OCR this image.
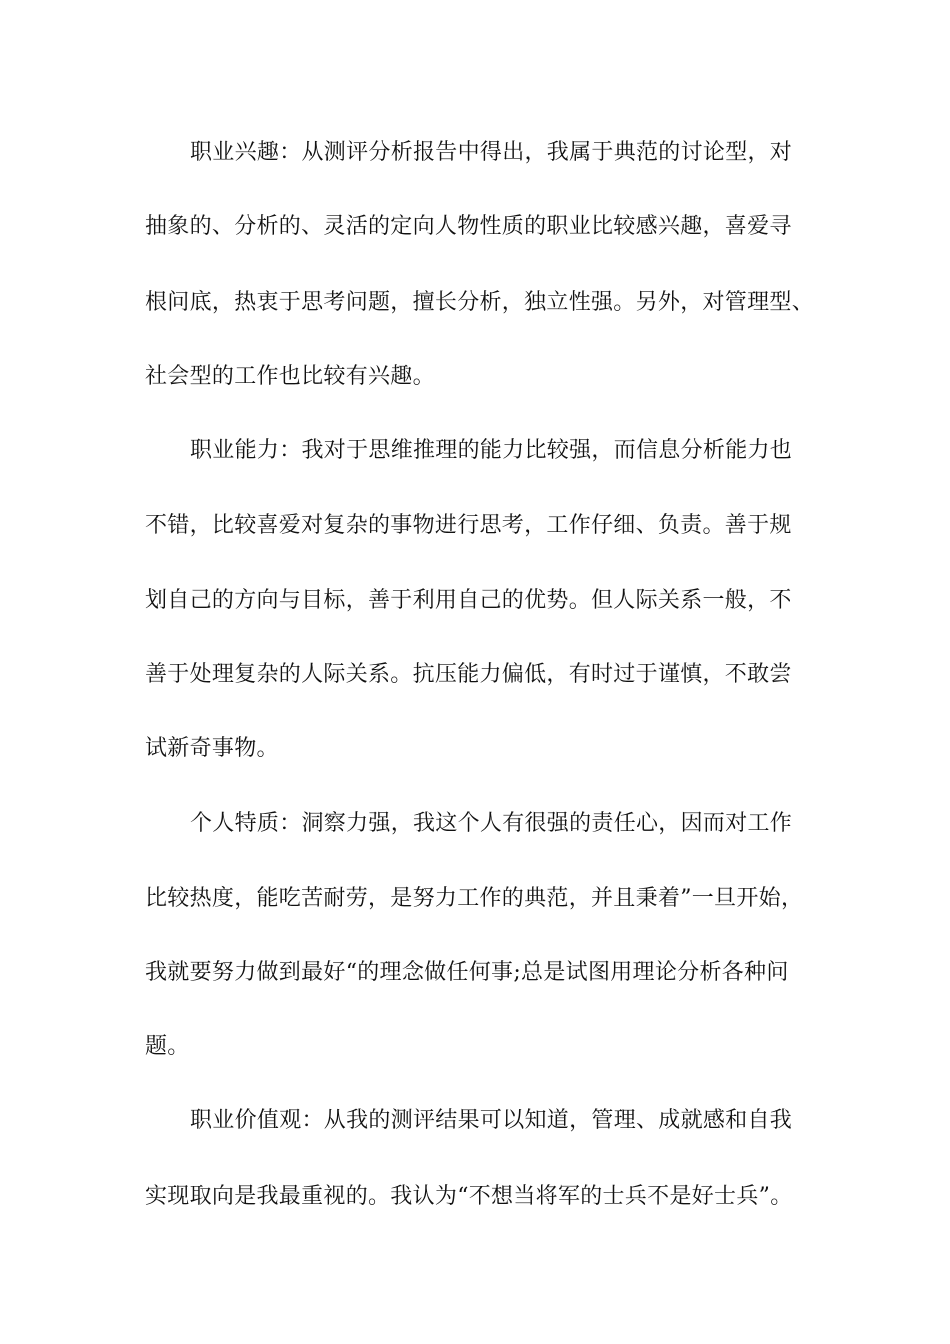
职业兴趣：从测评分析报告中得出，我属于典范的讨论型，对
抽象的、分析的、灵活的定向人物性质的职业比较感兴趣，喜爱寻
根问底，热衷于思考问题，擅长分析，独立性强。另外，对管理型、
社会型的工作也比较有兴趣。
职业能力：我对于思维推理的能力比较强，而信息分析能力也
不错，比较喜爱对复杂的事物进行思考，工作仔细、负责。善于规
划自己的方向与目标，善于利用自己的优势。但人际关系一般，不
善于处理复杂的人际关系。抗压能力偏低，有时过于谨慎，不敢尝
试新奇事物。
个人特质：洞察力强，我这个人有很强的责任心，因而对工作
比较热度，能吃苦耐劳，是努力工作的典范，并且秉着”一旦开始，
我就要努力做到最好“的理念做任何事;总是试图用理论分析各种问
题。
职业价值观：从我的测评结果可以知道，管理、成就感和自我
实现取向是我最重视的。我认为“不想当将军的士兵不是好士兵”。
